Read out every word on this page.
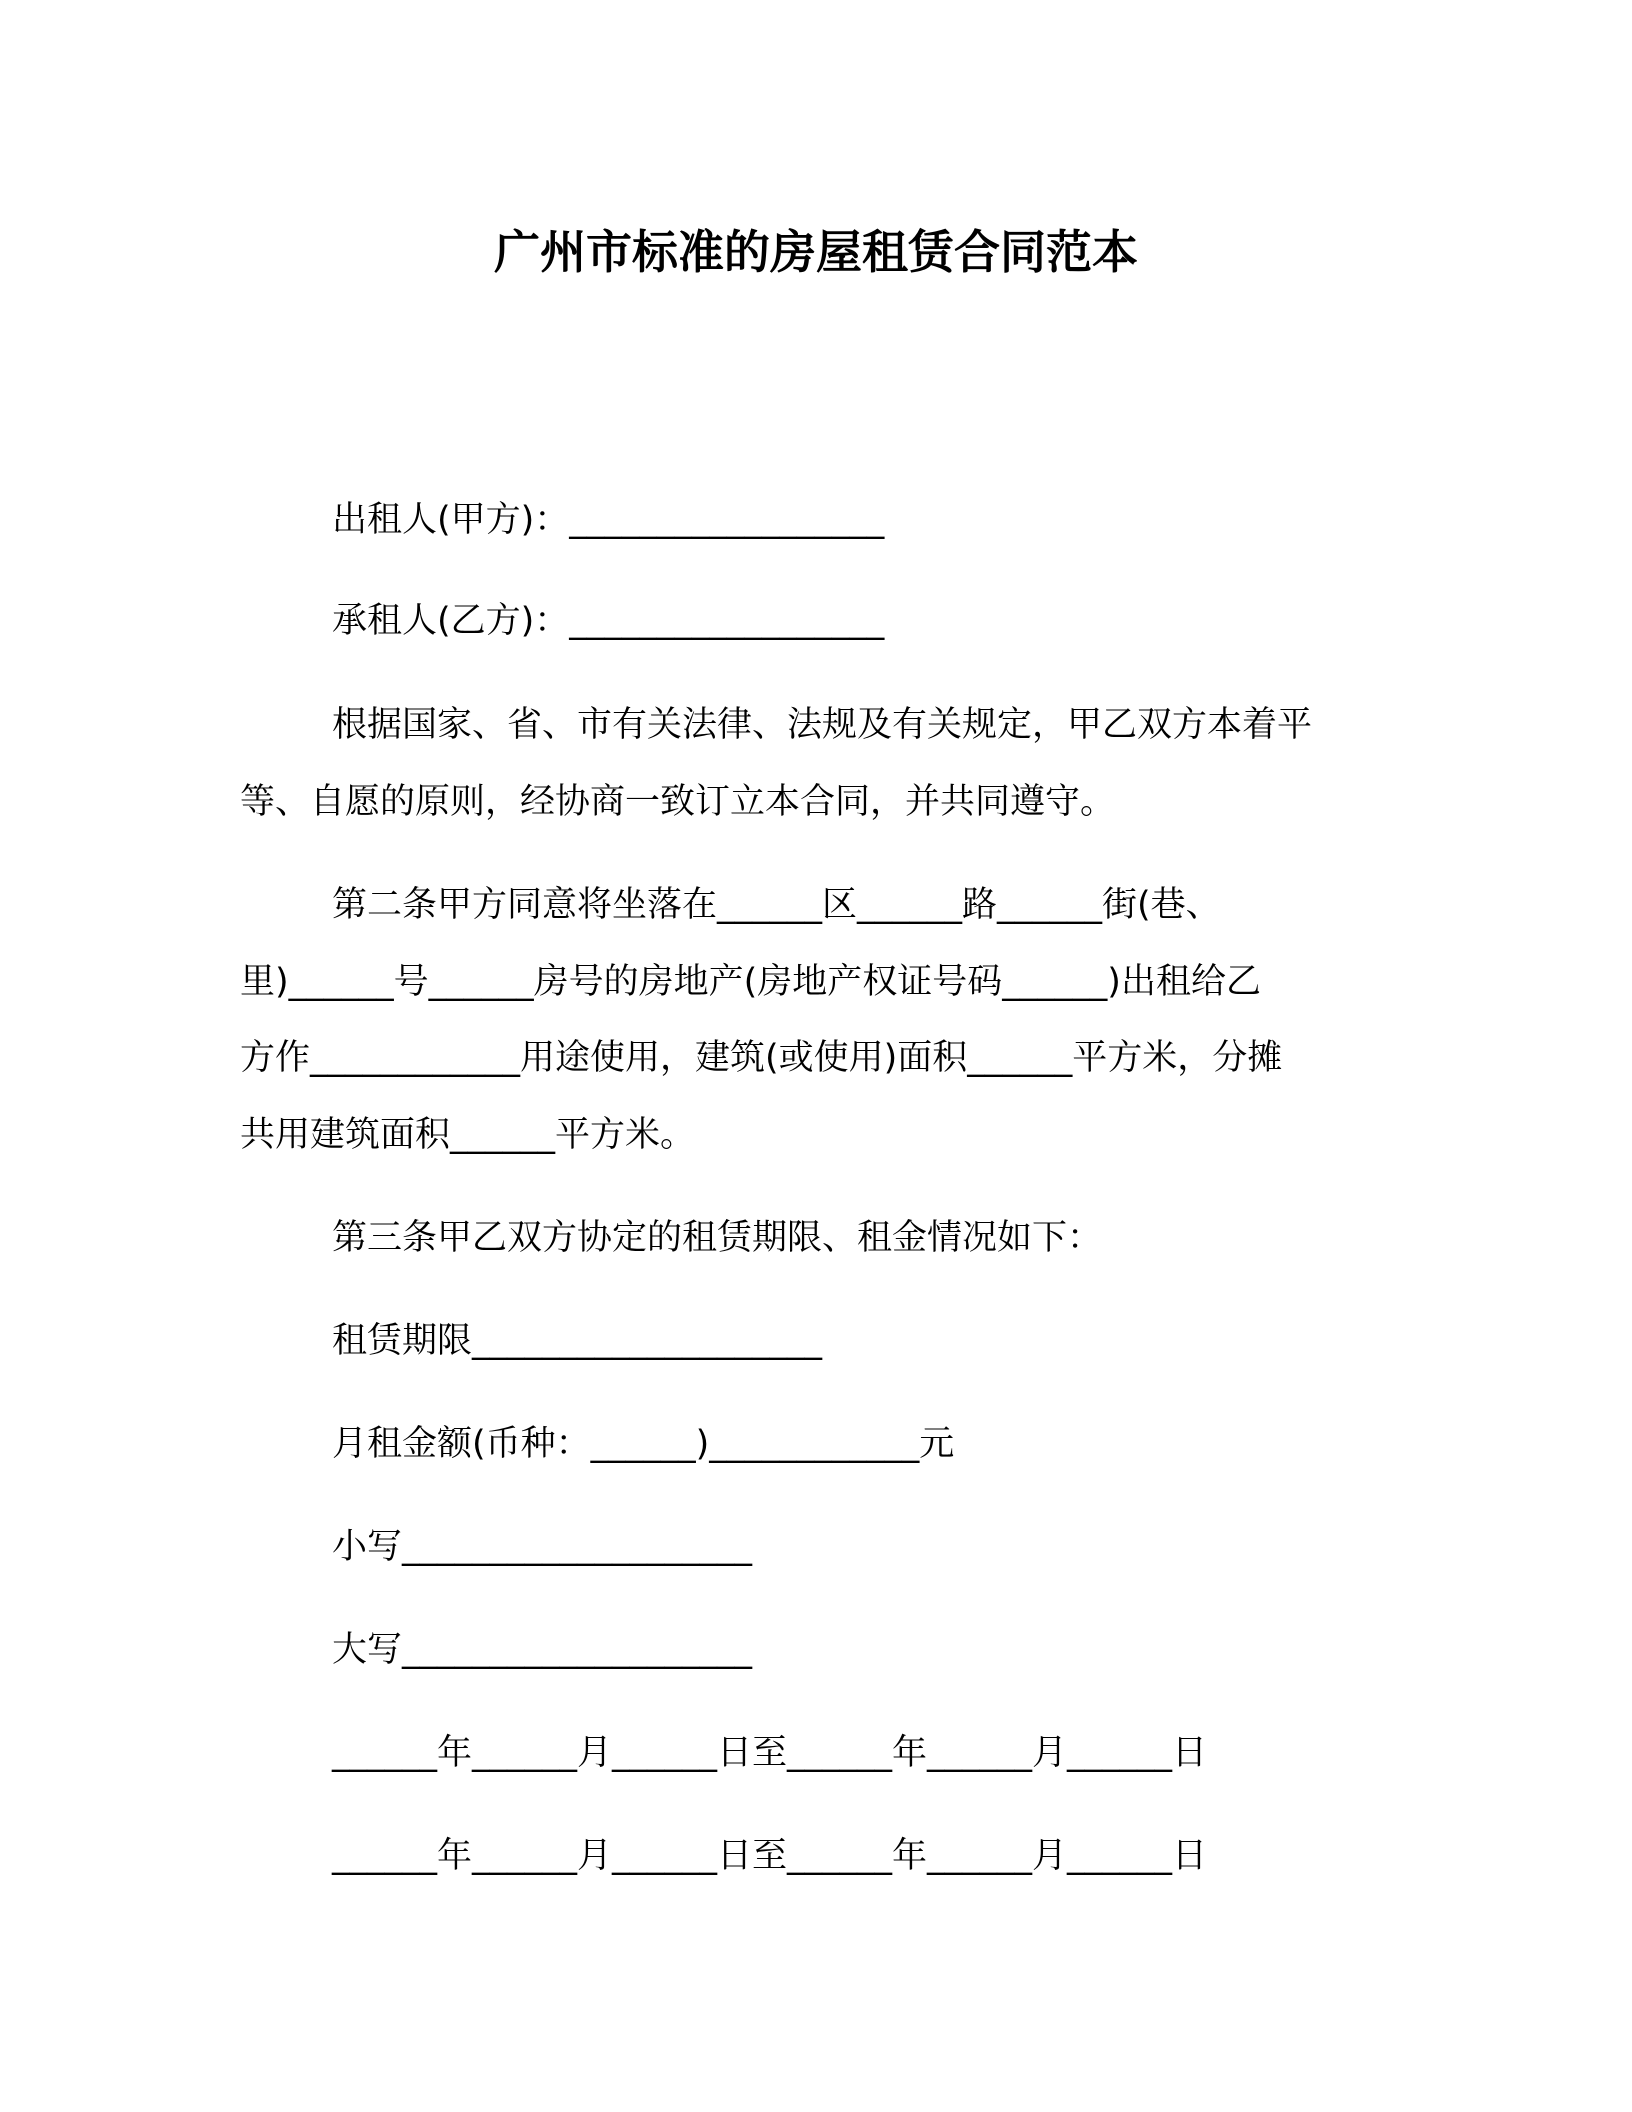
广州市标准的房屋租赁合同范本
出租人(甲方)：__________________
承租人(乙方)：__________________
根据国家、省、市有关法律、法规及有关规定，甲乙双方本着平
等、自愿的原则，经协商一致订立本合同，并共同遵守。
第二条甲方同意将坐落在______区______路______街(巷、
里)______号______房号的房地产(房地产权证号码______)出租给乙
方作____________用途使用，建筑(或使用)面积______平方米，分摊
共用建筑面积______平方米。
第三条甲乙双方协定的租赁期限、租金情况如下：
租赁期限____________________
月租金额(币种：______)____________元
小写____________________
大写____________________
______年______月______日至______年______月______日
______年______月______日至______年______月______日
